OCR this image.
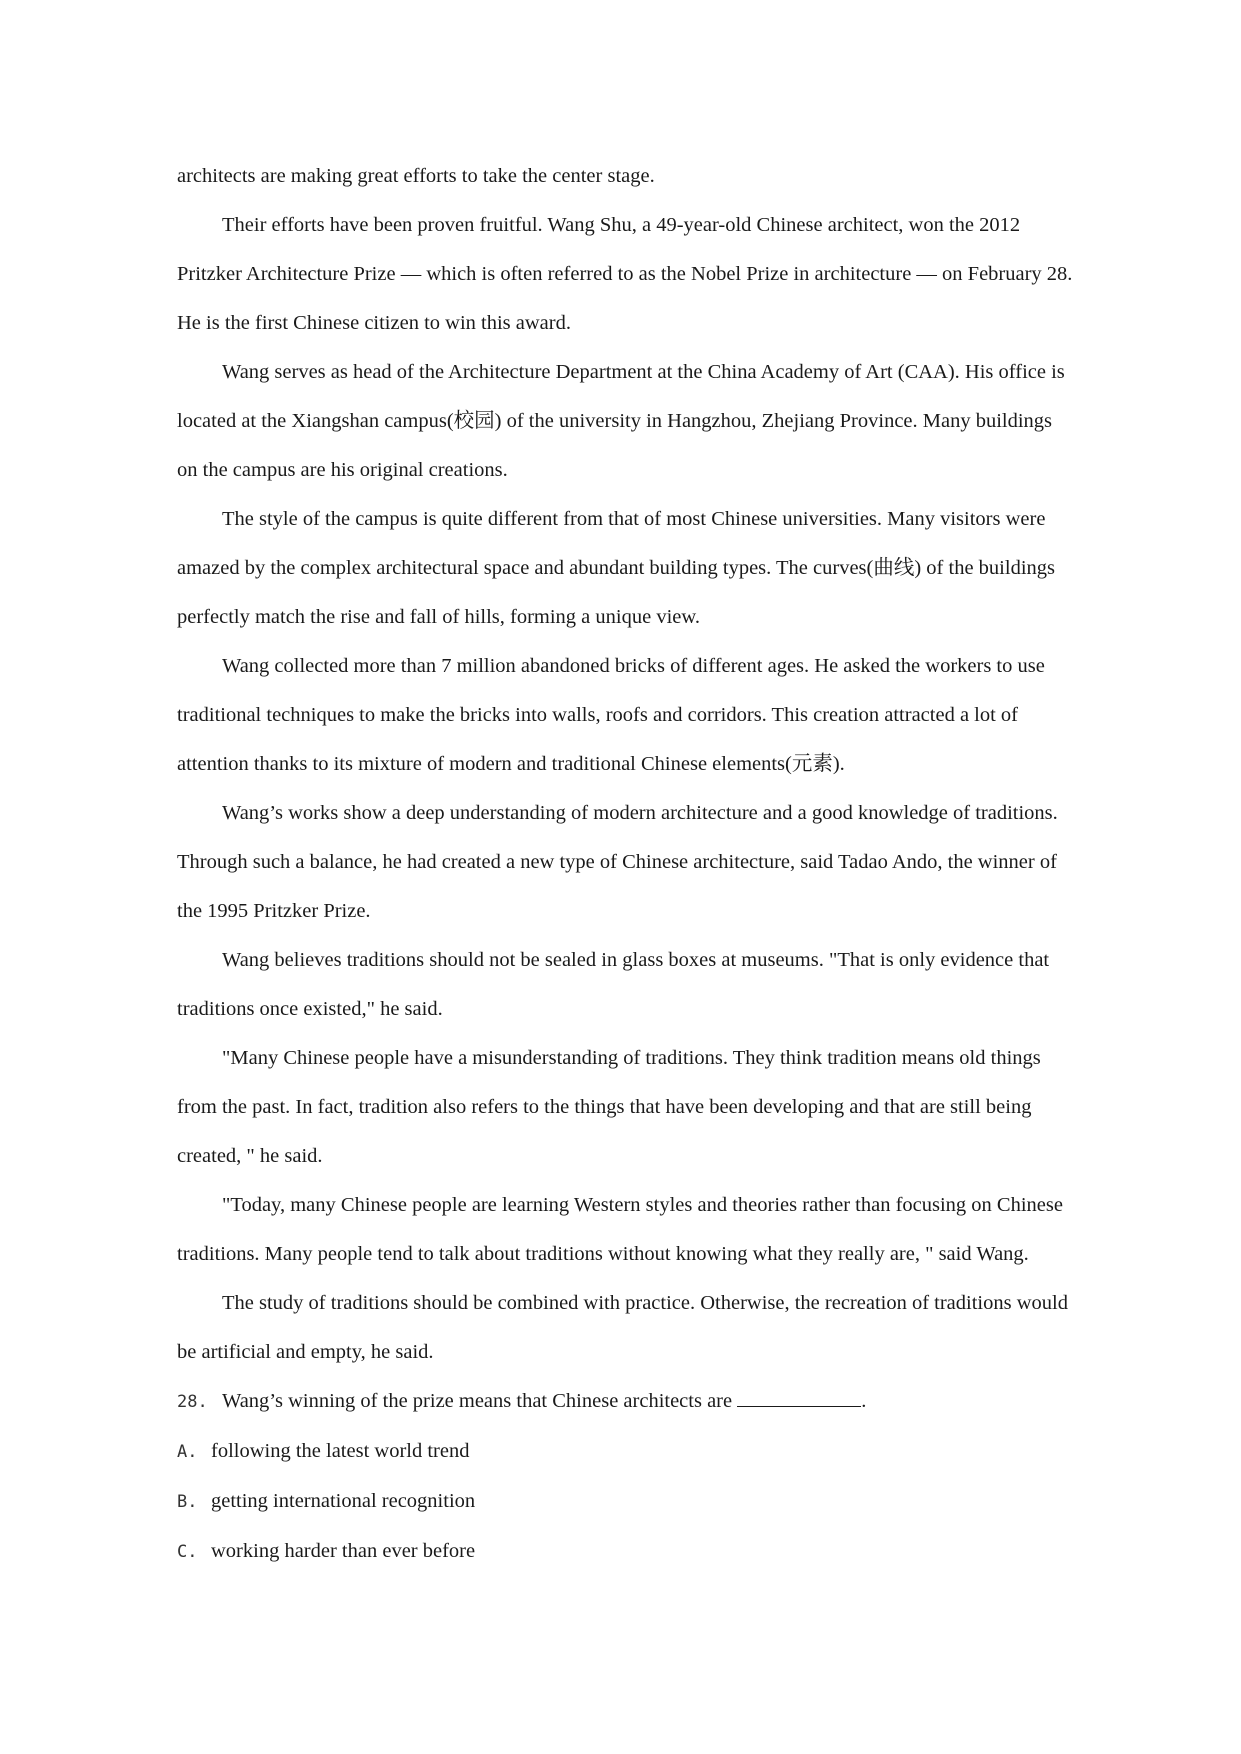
architects are making great efforts to take the center stage.

Their efforts have been proven fruitful. Wang Shu, a 49-year-old Chinese architect, won the 2012 Pritzker Architecture Prize — which is often referred to as the Nobel Prize in architecture — on February 28. He is the first Chinese citizen to win this award.

Wang serves as head of the Architecture Department at the China Academy of Art (CAA). His office is located at the Xiangshan campus(校园) of the university in Hangzhou, Zhejiang Province. Many buildings on the campus are his original creations.

The style of the campus is quite different from that of most Chinese universities. Many visitors were amazed by the complex architectural space and abundant building types. The curves(曲线) of the buildings perfectly match the rise and fall of hills, forming a unique view.

Wang collected more than 7 million abandoned bricks of different ages. He asked the workers to use traditional techniques to make the bricks into walls, roofs and corridors. This creation attracted a lot of attention thanks to its mixture of modern and traditional Chinese elements(元素).

Wang’s works show a deep understanding of modern architecture and a good knowledge of traditions. Through such a balance, he had created a new type of Chinese architecture, said Tadao Ando, the winner of the 1995 Pritzker Prize.

Wang believes traditions should not be sealed in glass boxes at museums. "That is only evidence that traditions once existed," he said.

"Many Chinese people have a misunderstanding of traditions. They think tradition means old things from the past. In fact, tradition also refers to the things that have been developing and that are still being created, " he said.

"Today, many Chinese people are learning Western styles and theories rather than focusing on Chinese traditions. Many people tend to talk about traditions without knowing what they really are, " said Wang.

The study of traditions should be combined with practice. Otherwise, the recreation of traditions would be artificial and empty, he said.

28. Wang’s winning of the prize means that Chinese architects are	.

A. following the latest world trend

B. getting international recognition

C. working harder than ever before
